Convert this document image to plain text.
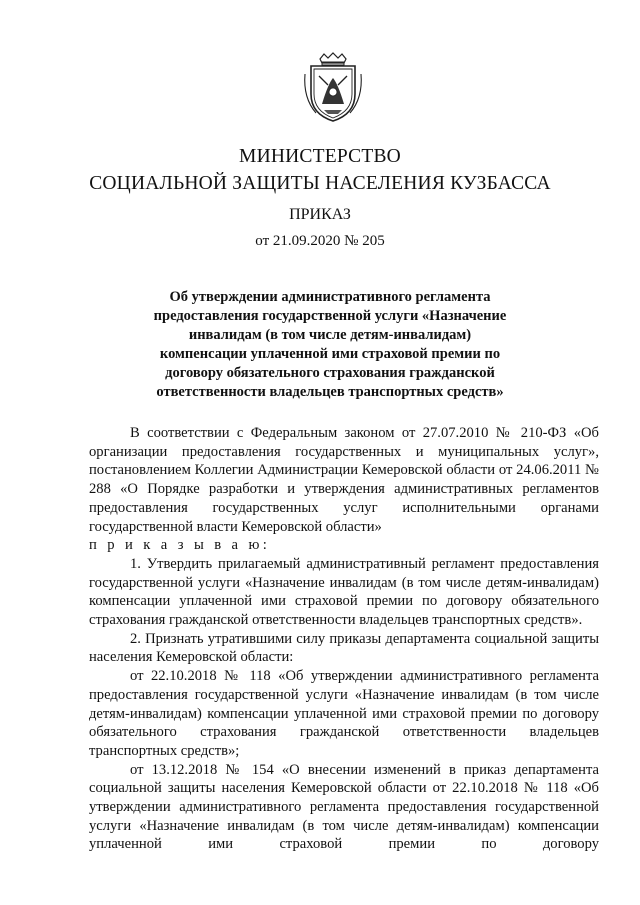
МИНИСТЕРСТВО
СОЦИАЛЬНОЙ ЗАЩИТЫ НАСЕЛЕНИЯ КУЗБАССА
ПРИКАЗ
от 21.09.2020 № 205
Об утверждении административного регламента
предоставления государственной услуги «Назначение
инвалидам (в том числе детям-инвалидам)
компенсации уплаченной ими страховой премии по
договору обязательного страхования гражданской
ответственности владельцев транспортных средств»

В соответствии с Федеральным законом от 27.07.2010 № 210-ФЗ «Об организации предоставления государственных и муниципальных услуг», постановлением Коллегии Администрации Кемеровской области от 24.06.2011 № 288 «О Порядке разработки и утверждения административных регламентов предоставления государственных услуг исполнительными органами государственной власти Кемеровской области»

п р и к а з ы в а ю:

1. Утвердить прилагаемый административный регламент предоставления государственной услуги «Назначение инвалидам (в том числе детям-инвалидам) компенсации уплаченной ими страховой премии по договору обязательного страхования гражданской ответственности владельцев транспортных средств».

2. Признать утратившими силу приказы департамента социальной защиты населения Кемеровской области:

от 22.10.2018 № 118 «Об утверждении административного регламента предоставления государственной услуги «Назначение инвалидам (в том числе детям-инвалидам) компенсации уплаченной ими страховой премии по договору обязательного страхования гражданской ответственности владельцев транспортных средств»;

от 13.12.2018 № 154 «О внесении изменений в приказ департамента социальной защиты населения Кемеровской области от 22.10.2018 № 118 «Об утверждении административного регламента предоставления государственной услуги «Назначение инвалидам (в том числе детям-инвалидам) компенсации уплаченной ими страховой премии по договору
